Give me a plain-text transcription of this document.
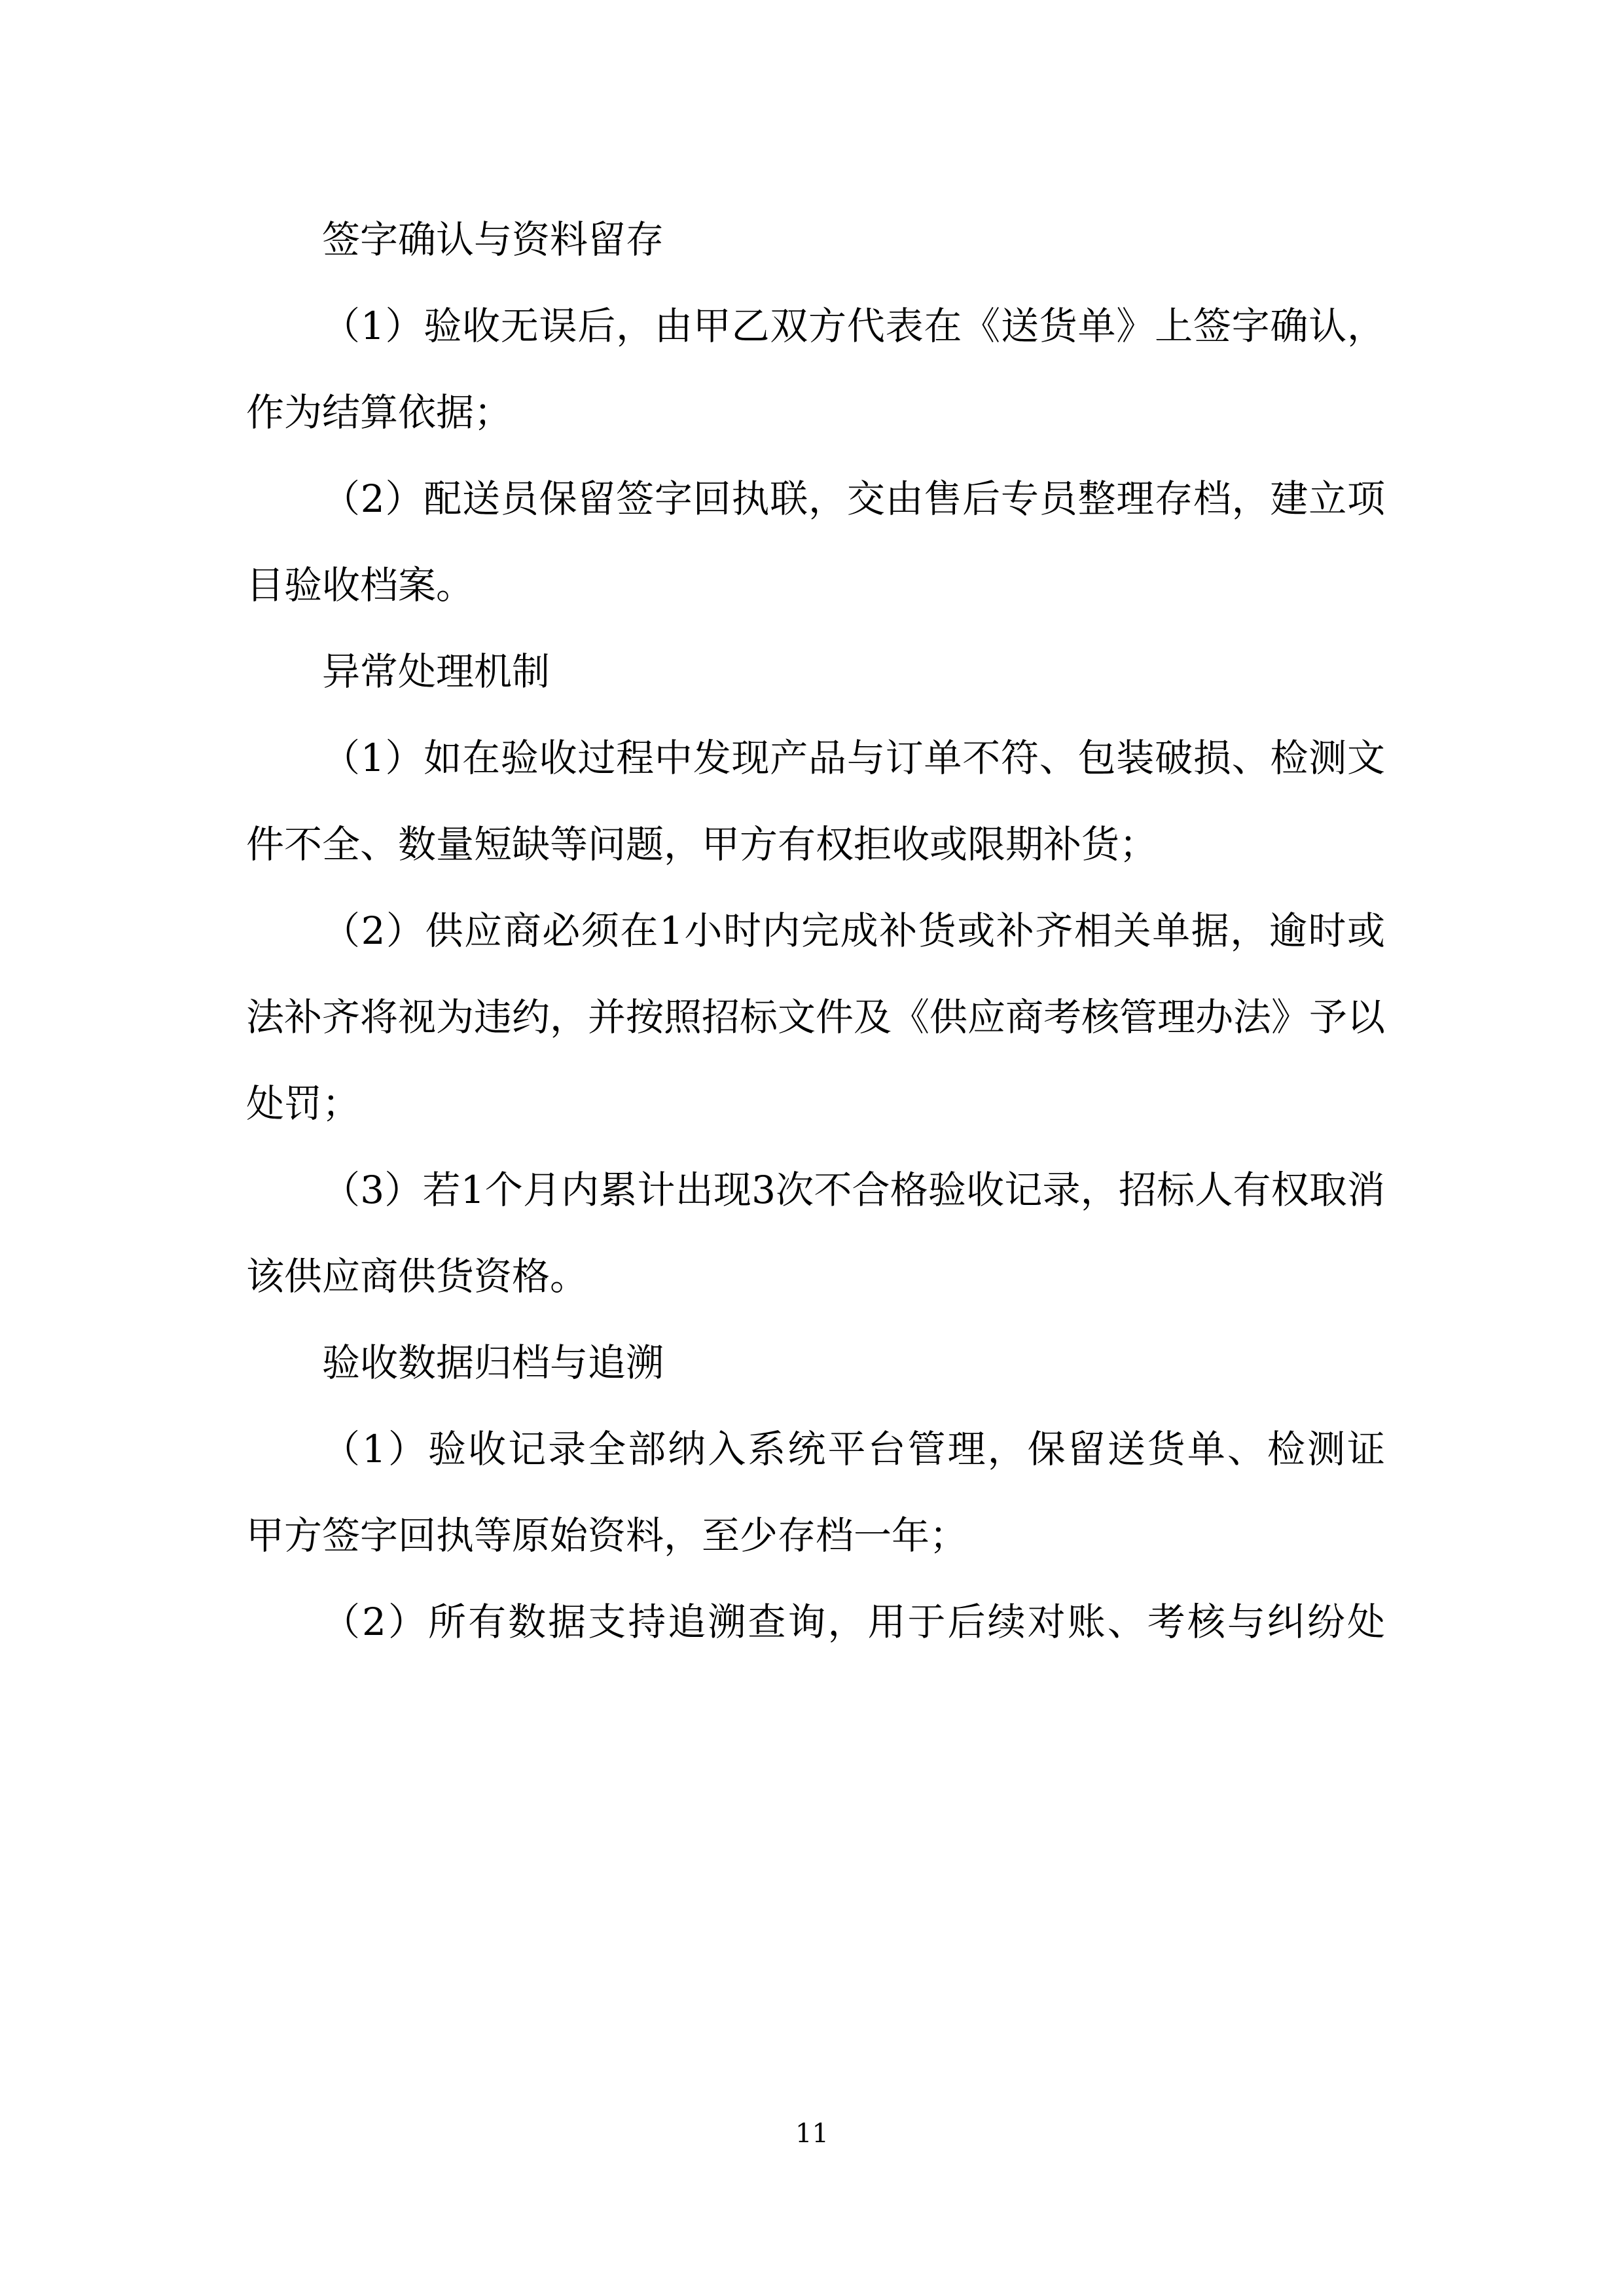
签字确认与资料留存
（1）验收无误后，由甲乙双方代表在《送货单》上签字确认，
作为结算依据；
（2）配送员保留签字回执联，交由售后专员整理存档，建立项
目验收档案。
异常处理机制
（1）如在验收过程中发现产品与订单不符、包装破损、检测文
件不全、数量短缺等问题，甲方有权拒收或限期补货；
（2）供应商必须在1小时内完成补货或补齐相关单据，逾时或
法补齐将视为违约，并按照招标文件及《供应商考核管理办法》予以
处罚；
（3）若1个月内累计出现3次不合格验收记录，招标人有权取消
该供应商供货资格。
验收数据归档与追溯
（1）验收记录全部纳入系统平台管理，保留送货单、检测证
甲方签字回执等原始资料，至少存档一年；
（2）所有数据支持追溯查询，用于后续对账、考核与纠纷处
11
